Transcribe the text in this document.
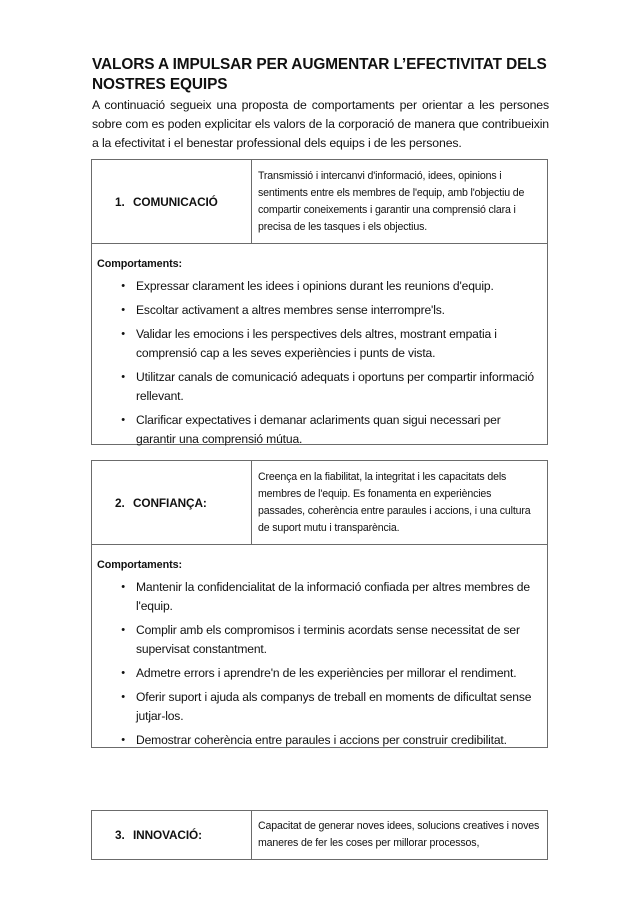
VALORS A IMPULSAR PER AUGMENTAR L’EFECTIVITAT DELS NOSTRES EQUIPS

A continuació segueix una proposta de comportaments per orientar a les persones sobre com es poden explicitar els valors de la corporació de manera que contribueixin a la efectivitat i el benestar professional dels equips i de les persones.

1. COMUNICACIÓ
Transmissió i intercanvi d'informació, idees, opinions i sentiments entre els membres de l'equip, amb l'objectiu de compartir coneixements i garantir una comprensió clara i precisa de les tasques i els objectius.

Comportaments:

• Expressar clarament les idees i opinions durant les reunions d'equip.
• Escoltar activament a altres membres sense interrompre'ls.
• Validar les emocions i les perspectives dels altres, mostrant empatia i comprensió cap a les seves experiències i punts de vista.
• Utilitzar canals de comunicació adequats i oportuns per compartir informació rellevant.
• Clarificar expectatives i demanar aclariments quan sigui necessari per garantir una comprensió mútua.
2. CONFIANÇA:
Creença en la fiabilitat, la integritat i les capacitats dels membres de l'equip. Es fonamenta en experiències passades, coherència entre paraules i accions, i una cultura de suport mutu i transparència.

Comportaments:

• Mantenir la confidencialitat de la informació confiada per altres membres de l'equip.
• Complir amb els compromisos i terminis acordats sense necessitat de ser supervisat constantment.
• Admetre errors i aprendre'n de les experiències per millorar el rendiment.
• Oferir suport i ajuda als companys de treball en moments de dificultat sense jutjar-los.
• Demostrar coherència entre paraules i accions per construir credibilitat.
3. INNOVACIÓ:
Capacitat de generar noves idees, solucions creatives i noves maneres de fer les coses per millorar processos,
